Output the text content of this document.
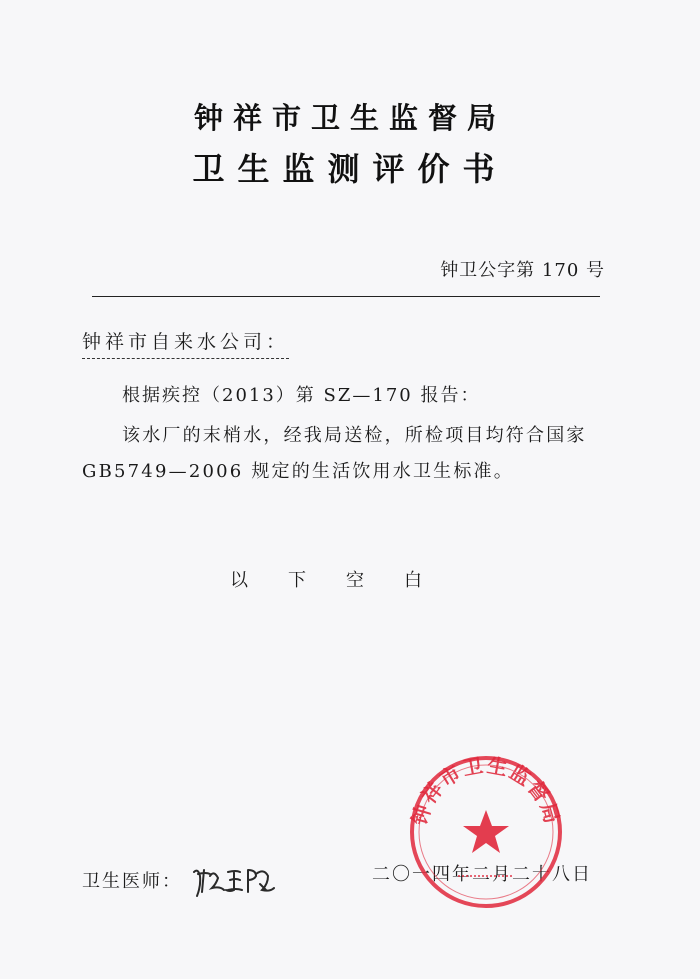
钟祥市卫生监督局
卫生监测评价书
钟卫公字第 170 号
钟祥市自来水公司：
根据疾控（2013）第 SZ—170 报告：
该水厂的末梢水，经我局送检，所检项目均符合国家 GB5749—2006 规定的生活饮用水卫生标准。
以 下 空 白
卫生医师：	二〇一四年二月二十八日
钟祥市卫生监督局
